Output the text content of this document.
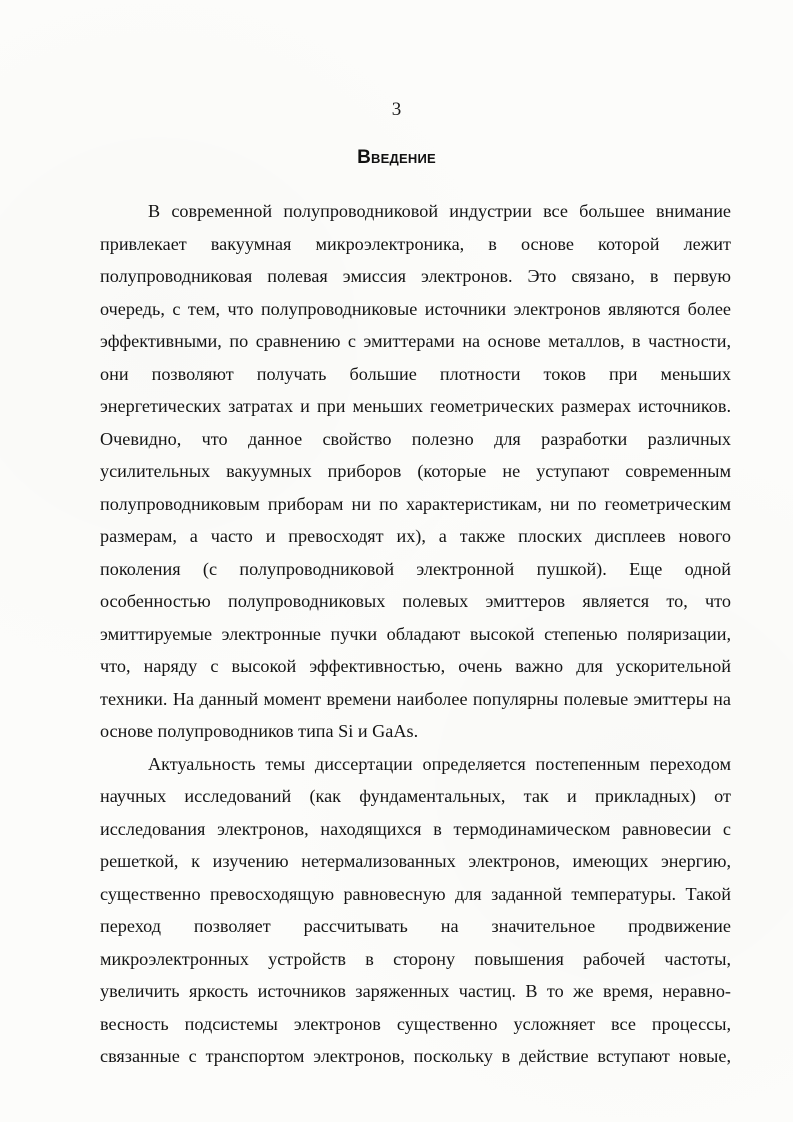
3
Введение
В современной полупроводниковой индустрии все большее внимание
привлекает вакуумная микроэлектроника, в основе которой лежит
полупроводниковая полевая эмиссия электронов. Это связано, в первую
очередь, с тем, что полупроводниковые источники электронов являются более
эффективными, по сравнению с эмиттерами на основе металлов, в частности,
они позволяют получать большие плотности токов при меньших
энергетических затратах и при меньших геометрических размерах источников.
Очевидно, что данное свойство полезно для разработки различных
усилительных вакуумных приборов (которые не уступают современным
полупроводниковым приборам ни по характеристикам, ни по геометрическим
размерам, а часто и превосходят их), а также плоских дисплеев нового
поколения (с полупроводниковой электронной пушкой). Еще одной
особенностью полупроводниковых полевых эмиттеров является то, что
эмиттируемые электронные пучки обладают высокой степенью поляризации,
что, наряду с высокой эффективностью, очень важно для ускорительной
техники. На данный момент времени наиболее популярны полевые эмиттеры на
основе полупроводников типа Si и GaAs.
Актуальность темы диссертации определяется постепенным переходом
научных исследований (как фундаментальных, так и прикладных) от
исследования электронов, находящихся в термодинамическом равновесии с
решеткой, к изучению нетермализованных электронов, имеющих энергию,
существенно превосходящую равновесную для заданной температуры. Такой
переход позволяет рассчитывать на значительное продвижение
микроэлектронных устройств в сторону повышения рабочей частоты,
увеличить яркость источников заряженных частиц. В то же время, неравно-
весность подсистемы электронов существенно усложняет все процессы,
связанные с транспортом электронов, поскольку в действие вступают новые,
